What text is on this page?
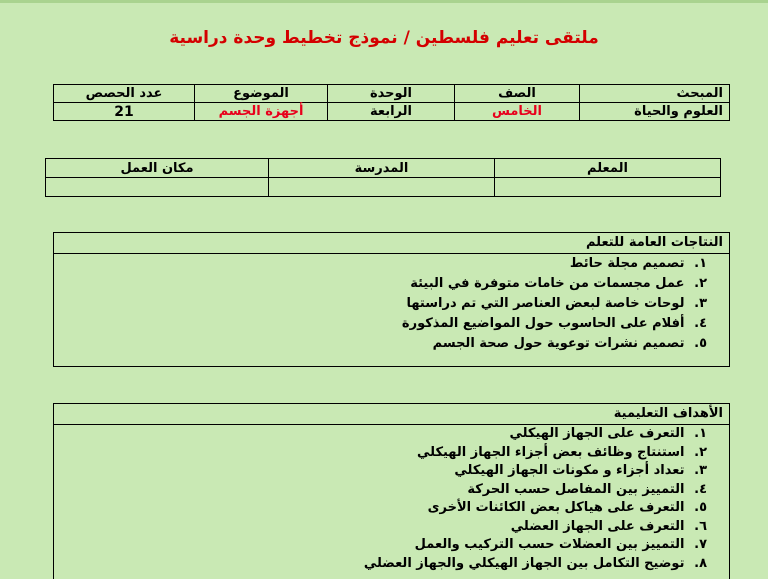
ملتقى تعليم فلسطين / نموذج تخطيط وحدة دراسية
المبحث	الصف	الوحدة	الموضوع	عدد الحصص
العلوم والحياة	الخامس	الرابعة	أجهزة الجسم	21
المعلم	المدرسة	مكان العمل

النتاجات العامة للتعلم
١. تصميم مجلة حائط
٢. عمل مجسمات من خامات متوفرة في البيئة
٣. لوحات خاصة لبعض العناصر التي تم دراستها
٤. أفلام على الحاسوب حول المواضيع المذكورة
٥. تصميم نشرات توعوية حول صحة الجسم
الأهداف التعليمية
١. التعرف على الجهاز الهيكلي
٢. استنتاج وظائف بعض أجزاء الجهاز الهيكلي
٣. تعداد أجزاء و مكونات الجهاز الهيكلي
٤. التمييز بين المفاصل حسب الحركة
٥. التعرف على هياكل بعض الكائنات الأخرى
٦. التعرف على الجهاز العضلي
٧. التمييز بين العضلات حسب التركيب والعمل
٨. توضيح التكامل بين الجهاز الهيكلي والجهاز العضلي
